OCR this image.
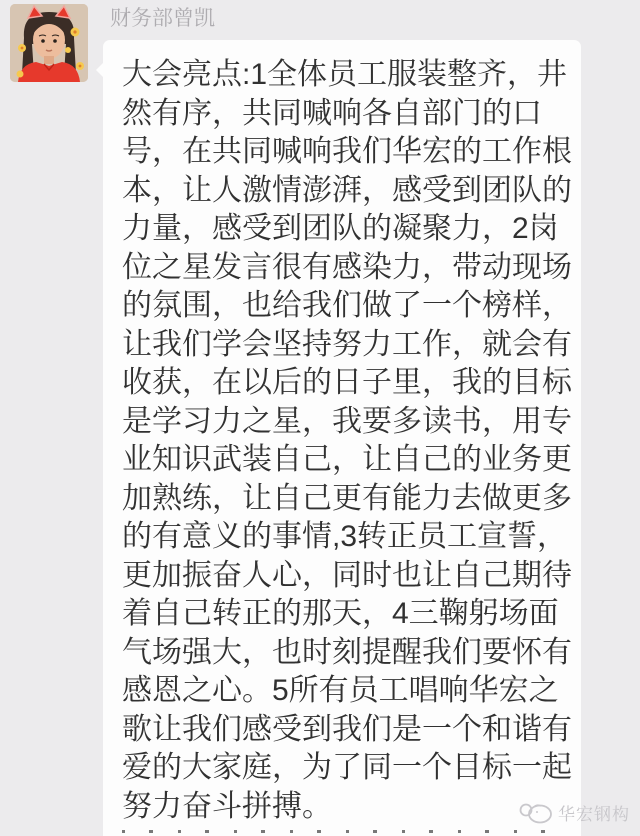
财务部曾凯
大会亮点:1全体员工服装整齐，井
然有序，共同喊响各自部门的口
号，在共同喊响我们华宏的工作根
本，让人激情澎湃，感受到团队的
力量，感受到团队的凝聚力，2岗
位之星发言很有感染力，带动现场
的氛围，也给我们做了一个榜样，
让我们学会坚持努力工作，就会有
收获，在以后的日子里，我的目标
是学习力之星，我要多读书，用专
业知识武装自己，让自己的业务更
加熟练，让自己更有能力去做更多
的有意义的事情,3转正员工宣誓，
更加振奋人心，同时也让自己期待
着自己转正的那天，4三鞠躬场面
气场强大，也时刻提醒我们要怀有
感恩之心。5所有员工唱响华宏之
歌让我们感受到我们是一个和谐有
爱的大家庭，为了同一个目标一起
努力奋斗拼搏。	华宏钢构
